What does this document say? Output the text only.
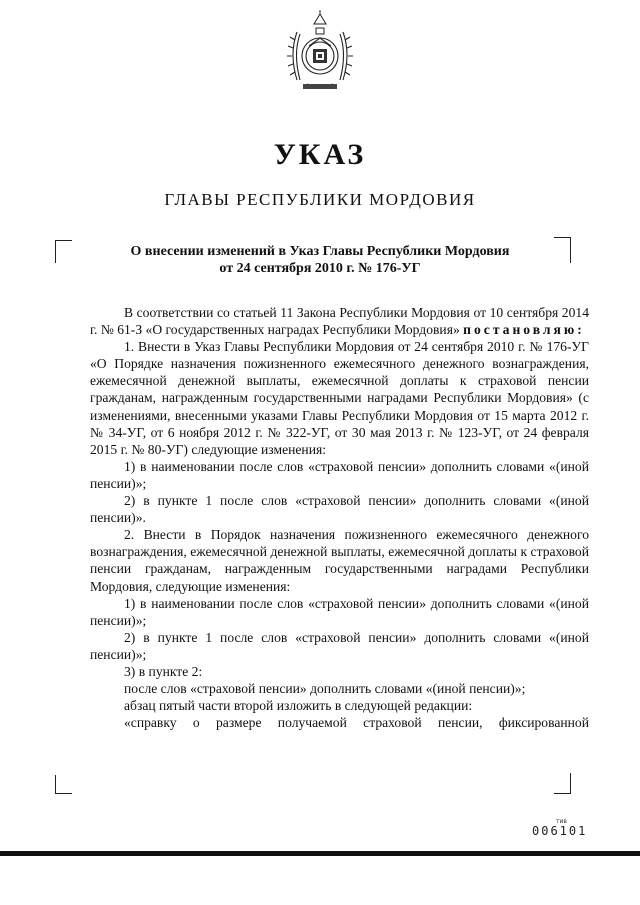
УКАЗ
ГЛАВЫ РЕСПУБЛИКИ МОРДОВИЯ
О внесении изменений в Указ Главы Республики Мордовия
от 24 сентября 2010 г. № 176-УГ

В соответствии со статьей 11 Закона Республики Мордовия от 10 сентября 2014 г. № 61-З «О государственных наградах Республики Мордовия» постановляю:

1. Внести в Указ Главы Республики Мордовия от 24 сентября 2010 г. № 176-УГ «О Порядке назначения пожизненного ежемесячного денежного вознаграждения, ежемесячной денежной выплаты, ежемесячной доплаты к страховой пенсии гражданам, награжденным государственными наградами Республики Мордовия» (с изменениями, внесенными указами Главы Республики Мордовия от 15 марта 2012 г. № 34-УГ, от 6 ноября 2012 г. № 322-УГ, от 30 мая 2013 г. № 123-УГ, от 24 февраля 2015 г. № 80-УГ) следующие изменения:

1) в наименовании после слов «страховой пенсии» дополнить словами «(иной пенсии)»;

2) в пункте 1 после слов «страховой пенсии» дополнить словами «(иной пенсии)».

2. Внести в Порядок назначения пожизненного ежемесячного денежного вознаграждения, ежемесячной денежной выплаты, ежемесячной доплаты к страховой пенсии гражданам, награжденным государственными наградами Республики Мордовия, следующие изменения:

1) в наименовании после слов «страховой пенсии» дополнить словами «(иной пенсии)»;

2) в пункте 1 после слов «страховой пенсии» дополнить словами «(иной пенсии)»;

3) в пункте 2:

после слов «страховой пенсии» дополнить словами «(иной пенсии)»;

абзац пятый части второй изложить в следующей редакции:

«справку о размере получаемой страховой пенсии, фиксированной

тив
006101
